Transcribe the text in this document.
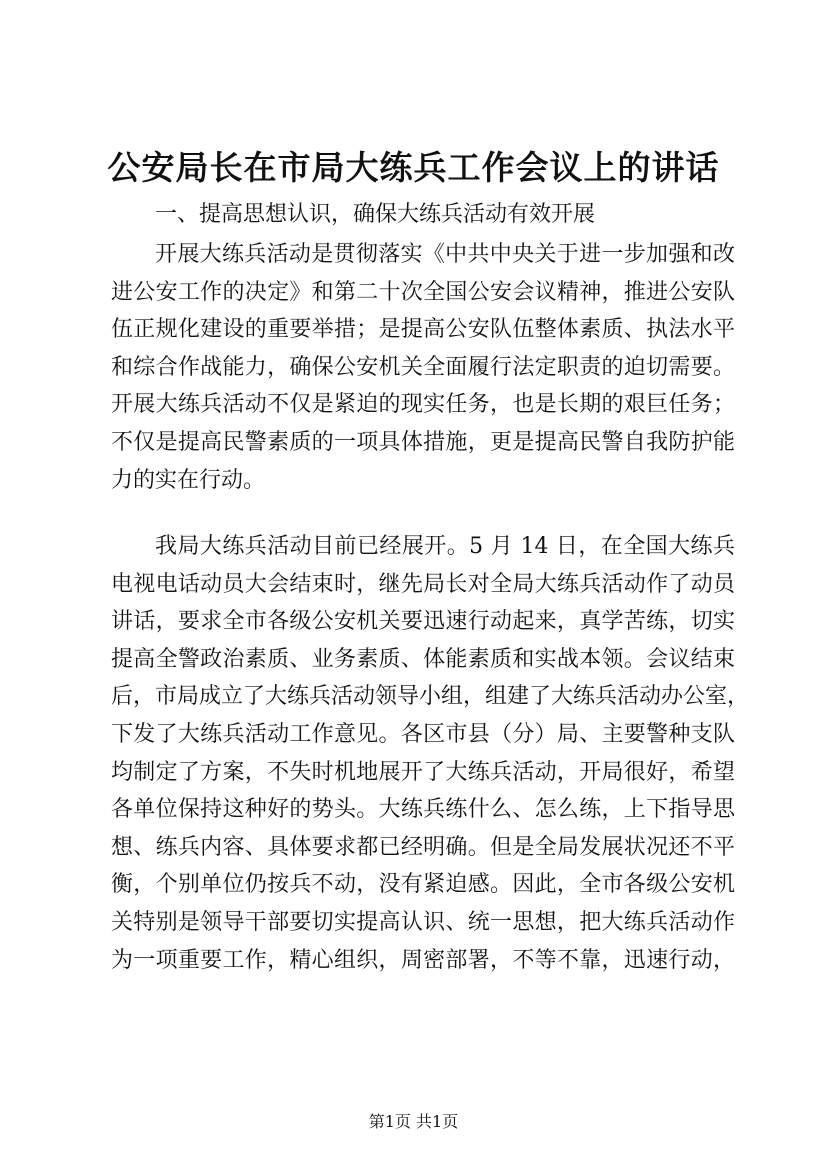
公安局长在市局大练兵工作会议上的讲话

一、提高思想认识，确保大练兵活动有效开展

开展大练兵活动是贯彻落实《中共中央关于进一步加强和改
进公安工作的决定》和第二十次全国公安会议精神，推进公安队
伍正规化建设的重要举措；是提高公安队伍整体素质、执法水平
和综合作战能力，确保公安机关全面履行法定职责的迫切需要。
开展大练兵活动不仅是紧迫的现实任务，也是长期的艰巨任务；
不仅是提高民警素质的一项具体措施，更是提高民警自我防护能
力的实在行动。
我局大练兵活动目前已经展开。5 月 14 日，在全国大练兵
电视电话动员大会结束时，继先局长对全局大练兵活动作了动员
讲话，要求全市各级公安机关要迅速行动起来，真学苦练，切实
提高全警政治素质、业务素质、体能素质和实战本领。会议结束
后，市局成立了大练兵活动领导小组，组建了大练兵活动办公室，
下发了大练兵活动工作意见。各区市县（分）局、主要警种支队
均制定了方案，不失时机地展开了大练兵活动，开局很好，希望
各单位保持这种好的势头。大练兵练什么、怎么练，上下指导思
想、练兵内容、具体要求都已经明确。但是全局发展状况还不平
衡，个别单位仍按兵不动，没有紧迫感。因此，全市各级公安机
关特别是领导干部要切实提高认识、统一思想，把大练兵活动作
为一项重要工作，精心组织，周密部署，不等不靠，迅速行动，

第1页 共1页
